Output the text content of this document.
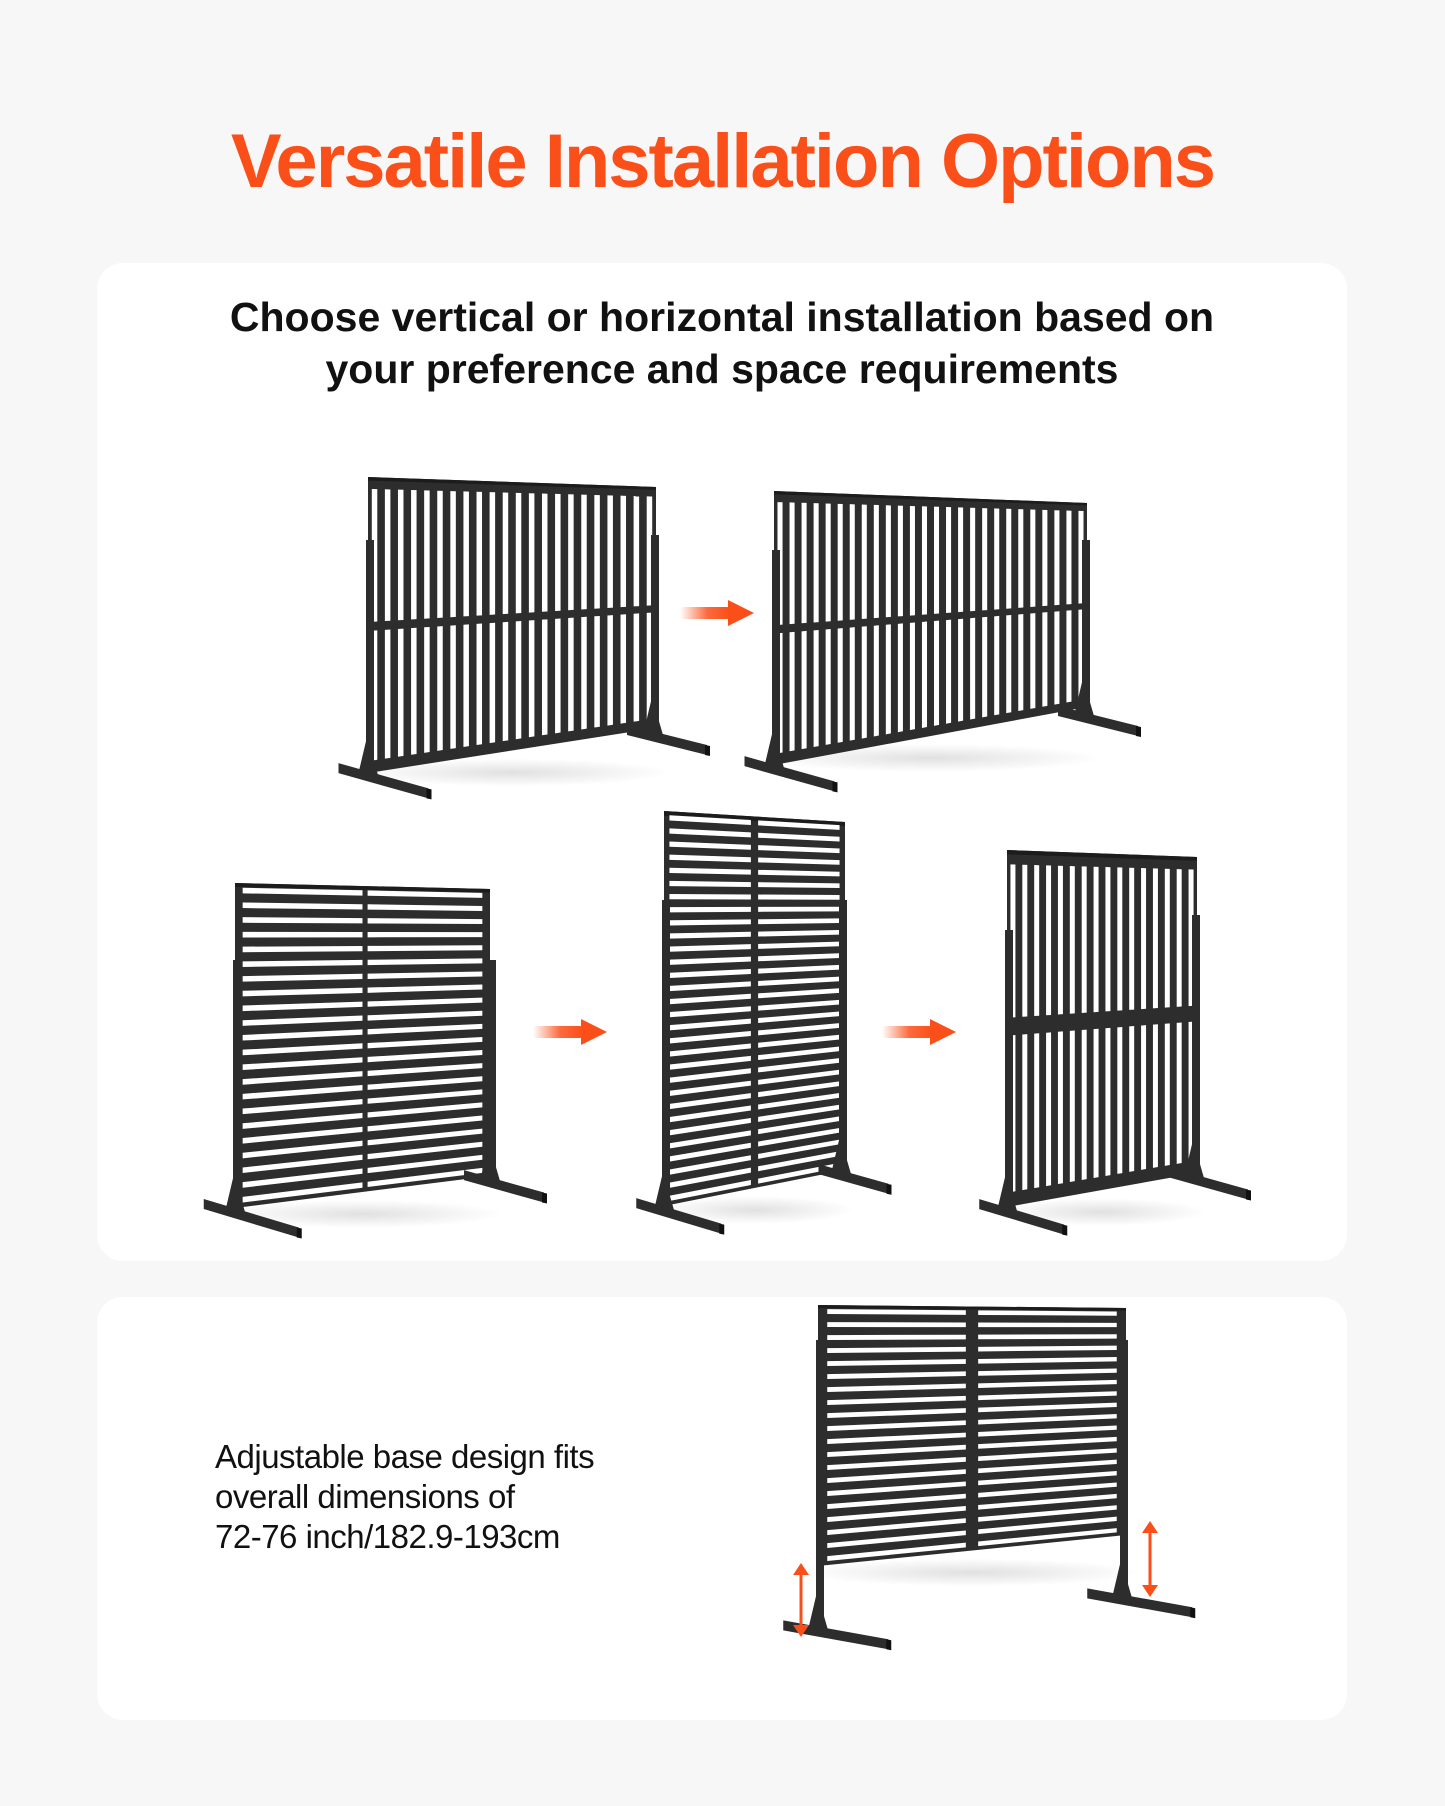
Versatile Installation Options

Choose vertical or horizontal installation based on
your preference and space requirements

Adjustable base design fits
overall dimensions of
72-76 inch/182.9-193cm
